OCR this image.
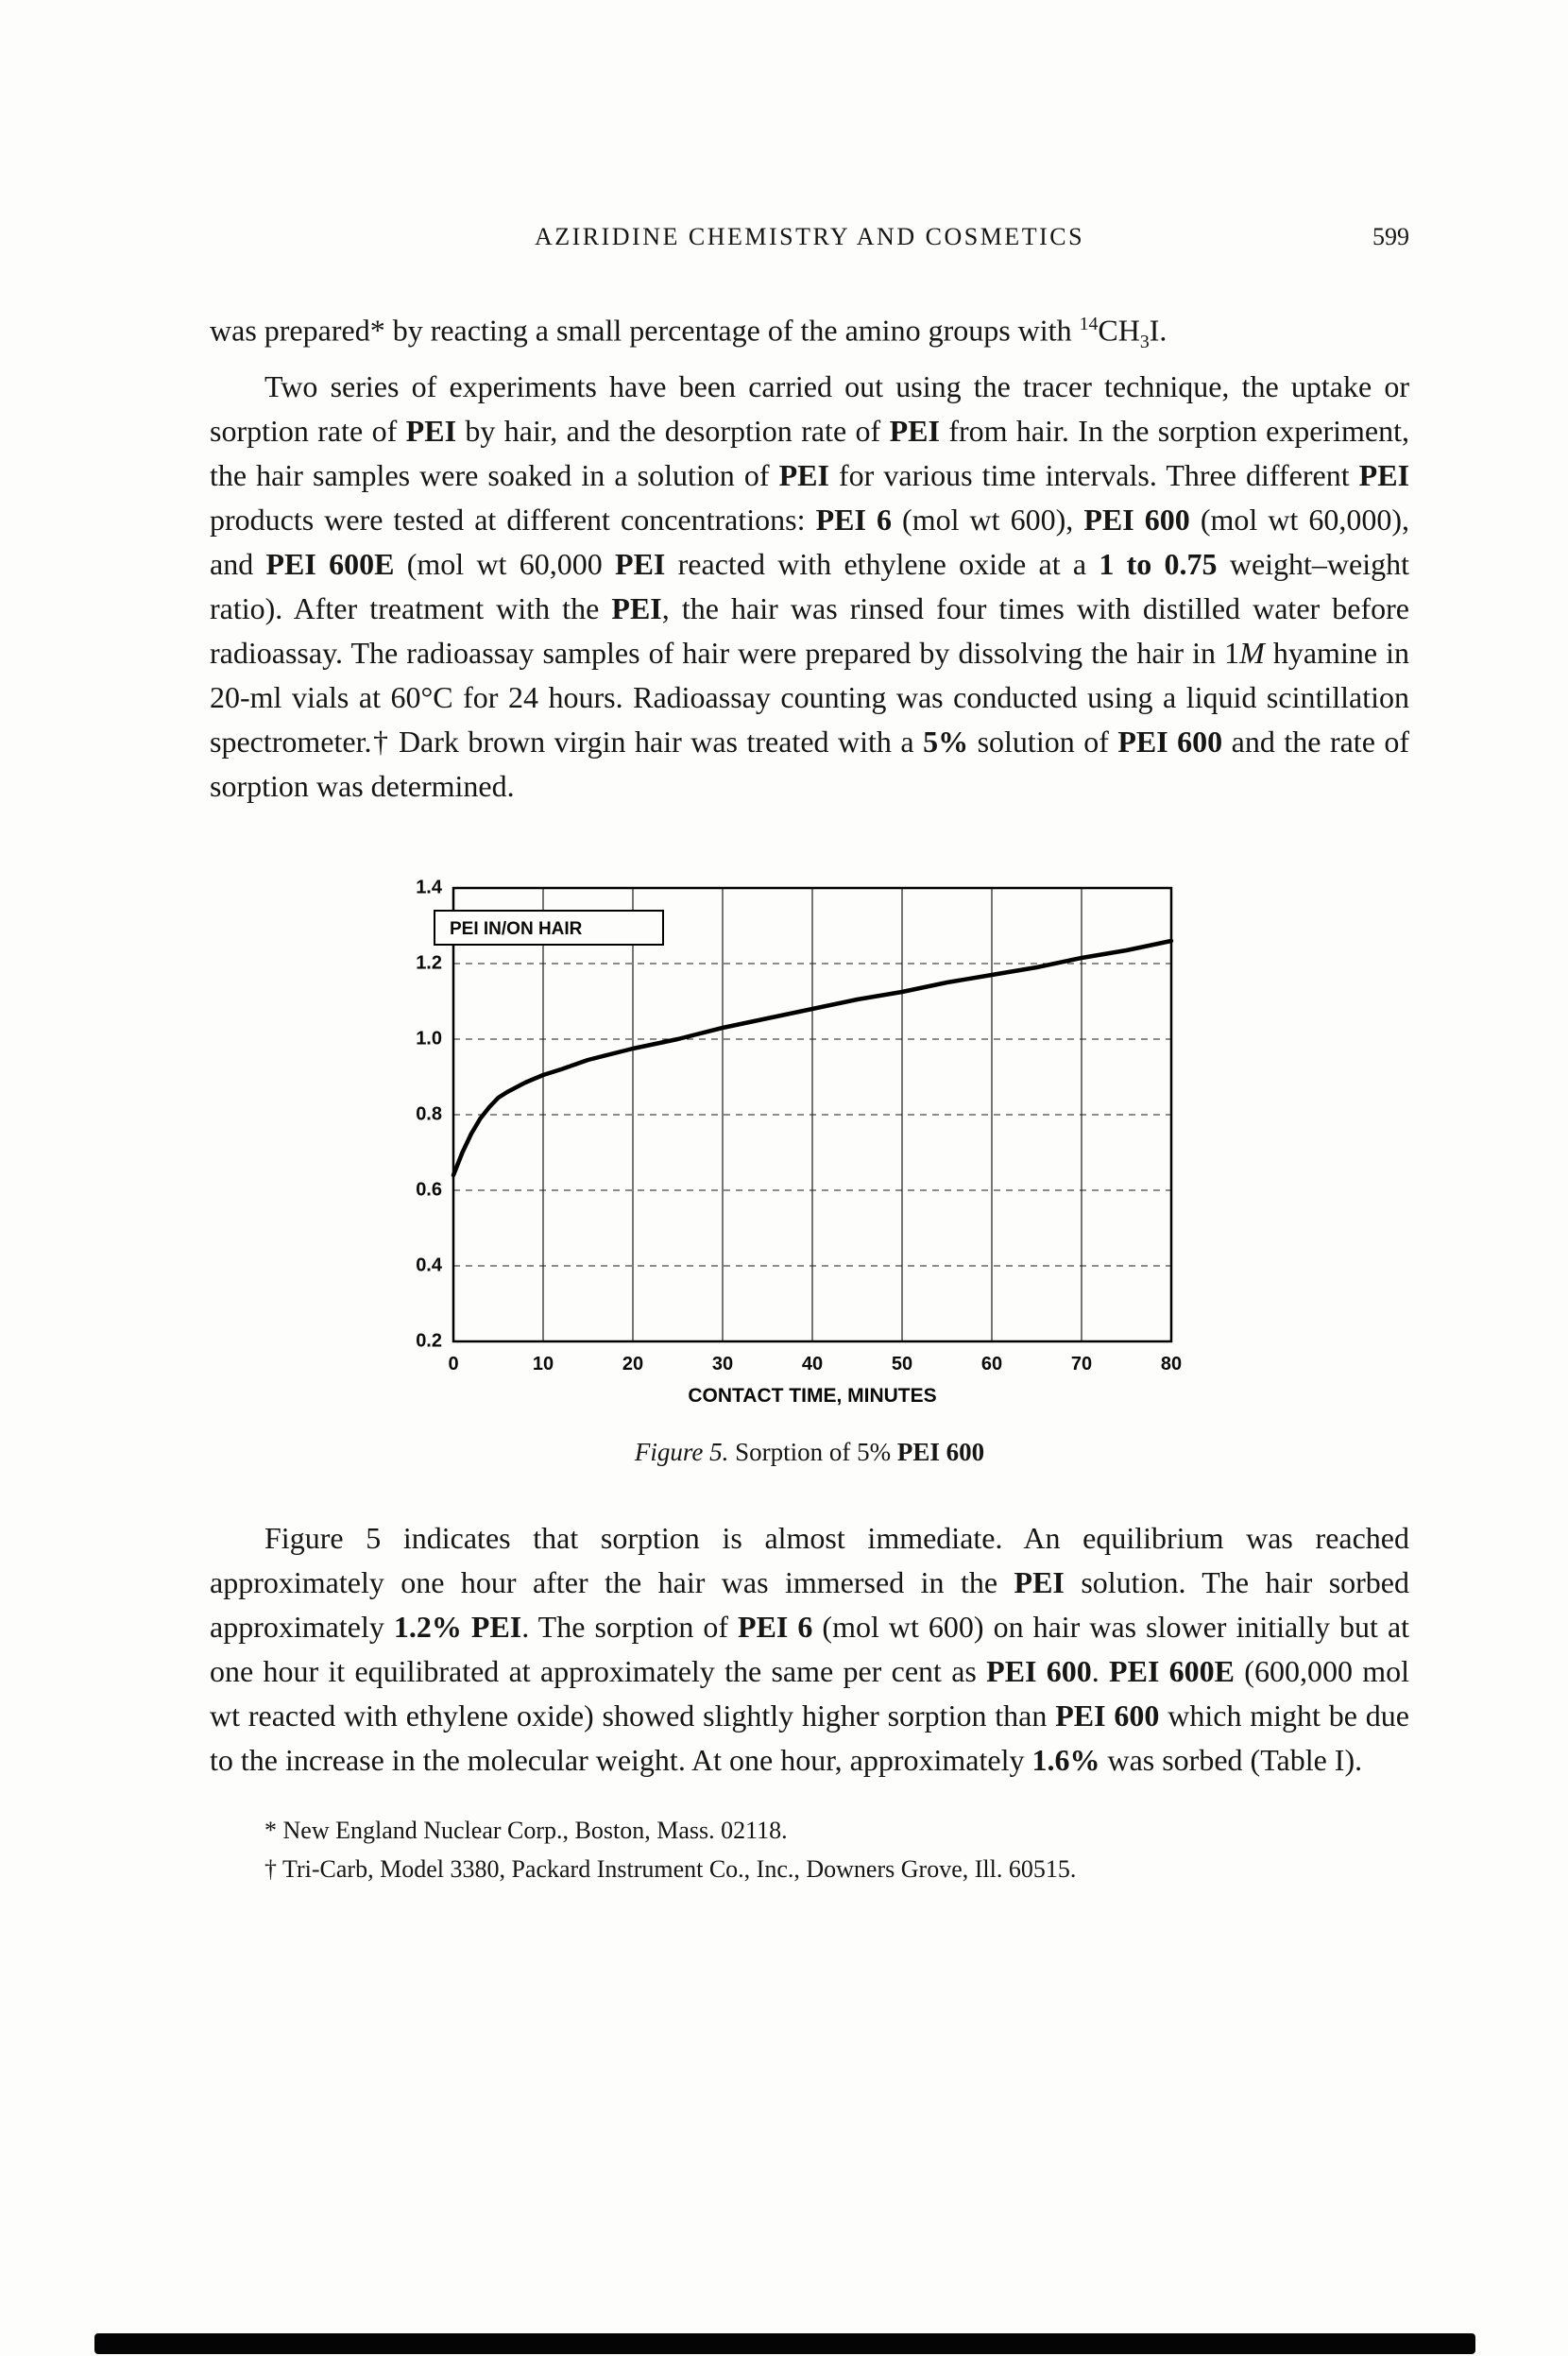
AZIRIDINE CHEMISTRY AND COSMETICS	599

was prepared* by reacting a small percentage of the amino groups with $^{14}CH_3I$.

Two series of experiments have been carried out using the tracer technique, the uptake or sorption rate of PEI by hair, and the desorption rate of PEI from hair. In the sorption experiment, the hair samples were soaked in a solution of PEI for various time intervals. Three different PEI products were tested at different concentrations: PEI 6 (mol wt 600), PEI 600 (mol wt 60,000), and PEI 600E (mol wt 60,000 PEI reacted with ethylene oxide at a 1 to 0.75 weight–weight ratio). After treatment with the PEI, the hair was rinsed four times with distilled water before radioassay. The radioassay samples of hair were prepared by dissolving the hair in 1M hyamine in 20-ml vials at 60°C for 24 hours. Radioassay counting was conducted using a liquid scintillation spectrometer.† Dark brown virgin hair was treated with a 5% solution of PEI 600 and the rate of sorption was determined.

0.2
0.4
0.6
0.8
1.0
1.2
1.4
0	10	20	30	40	50	60	70	80
CONTACT TIME, MINUTES
PEI IN/ON HAIR
Figure 5. Sorption of 5% PEI 600

Figure 5 indicates that sorption is almost immediate. An equilibrium was reached approximately one hour after the hair was immersed in the PEI solution. The hair sorbed approximately 1.2% PEI. The sorption of PEI 6 (mol wt 600) on hair was slower initially but at one hour it equilibrated at approximately the same per cent as PEI 600. PEI 600E (600,000 mol wt reacted with ethylene oxide) showed slightly higher sorption than PEI 600 which might be due to the increase in the molecular weight. At one hour, approximately 1.6% was sorbed (Table I).

* New England Nuclear Corp., Boston, Mass. 02118.

† Tri-Carb, Model 3380, Packard Instrument Co., Inc., Downers Grove, Ill. 60515.
